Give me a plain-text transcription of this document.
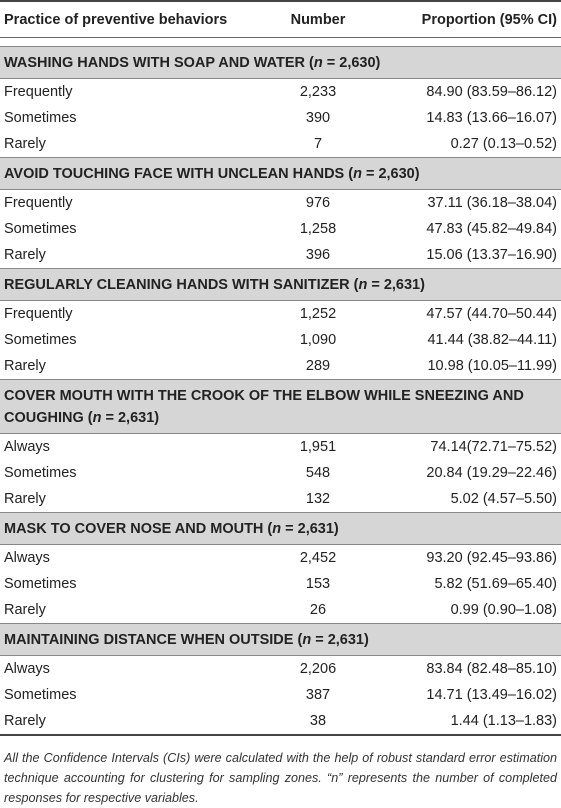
Practice of preventive behaviors	Number	Proportion (95% CI)
WASHING HANDS WITH SOAP AND WATER (n = 2,630)
Frequently	2,233	84.90 (83.59–86.12)
Sometimes	390	14.83 (13.66–16.07)
Rarely	7	0.27 (0.13–0.52)
AVOID TOUCHING FACE WITH UNCLEAN HANDS (n = 2,630)
Frequently	976	37.11 (36.18–38.04)
Sometimes	1,258	47.83 (45.82–49.84)
Rarely	396	15.06 (13.37–16.90)
REGULARLY CLEANING HANDS WITH SANITIZER (n = 2,631)
Frequently	1,252	47.57 (44.70–50.44)
Sometimes	1,090	41.44 (38.82–44.11)
Rarely	289	10.98 (10.05–11.99)
COVER MOUTH WITH THE CROOK OF THE ELBOW WHILE SNEEZING AND COUGHING (n = 2,631)
Always	1,951	74.14(72.71–75.52)
Sometimes	548	20.84 (19.29–22.46)
Rarely	132	5.02 (4.57–5.50)
MASK TO COVER NOSE AND MOUTH (n = 2,631)
Always	2,452	93.20 (92.45–93.86)
Sometimes	153	5.82 (51.69–65.40)
Rarely	26	0.99 (0.90–1.08)
MAINTAINING DISTANCE WHEN OUTSIDE (n = 2,631)
Always	2,206	83.84 (82.48–85.10)
Sometimes	387	14.71 (13.49–16.02)
Rarely	38	1.44 (1.13–1.83)
All the Confidence Intervals (CIs) were calculated with the help of robust standard error estimation technique accounting for clustering for sampling zones. “n” represents the number of completed responses for respective variables.
